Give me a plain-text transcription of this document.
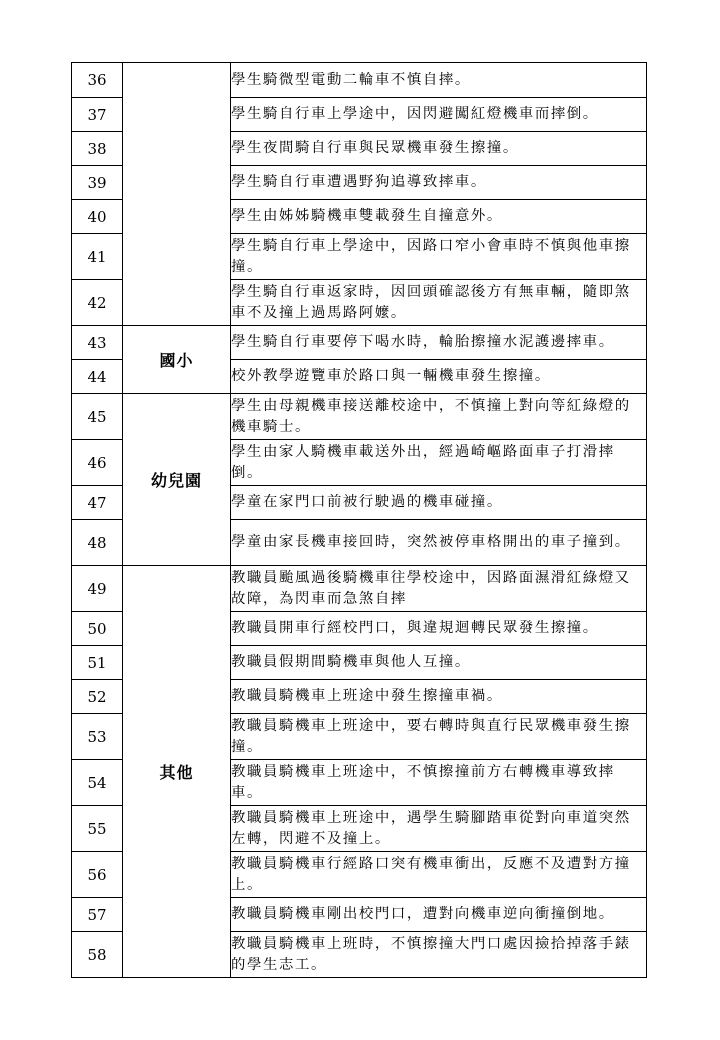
36		學生騎微型電動二輪車不慎自摔。
37		學生騎自行車上學途中，因閃避闖紅燈機車而摔倒。
38		學生夜間騎自行車與民眾機車發生擦撞。
39		學生騎自行車遭遇野狗追導致摔車。
40		學生由姊姊騎機車雙載發生自撞意外。
41		學生騎自行車上學途中，因路口窄小會車時不慎與他車擦撞。
42		學生騎自行車返家時，因回頭確認後方有無車輛，隨即煞車不及撞上過馬路阿嬤。
43	國小	學生騎自行車要停下喝水時，輪胎擦撞水泥護邊摔車。
44		校外教學遊覽車於路口與一輛機車發生擦撞。
45	幼兒園	學生由母親機車接送離校途中，不慎撞上對向等紅綠燈的機車騎士。
46		學生由家人騎機車載送外出，經過崎嶇路面車子打滑摔倒。
47		學童在家門口前被行駛過的機車碰撞。
48		學童由家長機車接回時，突然被停車格開出的車子撞到。
49	其他	教職員颱風過後騎機車往學校途中，因路面濕滑紅綠燈又故障，為閃車而急煞自摔
50		教職員開車行經校門口，與違規迴轉民眾發生擦撞。
51		教職員假期間騎機車與他人互撞。
52		教職員騎機車上班途中發生擦撞車禍。
53		教職員騎機車上班途中，要右轉時與直行民眾機車發生擦撞。
54		教職員騎機車上班途中，不慎擦撞前方右轉機車導致摔車。
55		教職員騎機車上班途中，遇學生騎腳踏車從對向車道突然左轉，閃避不及撞上。
56		教職員騎機車行經路口突有機車衝出，反應不及遭對方撞上。
57		教職員騎機車剛出校門口，遭對向機車逆向衝撞倒地。
58		教職員騎機車上班時，不慎擦撞大門口處因撿拾掉落手錶的學生志工。
